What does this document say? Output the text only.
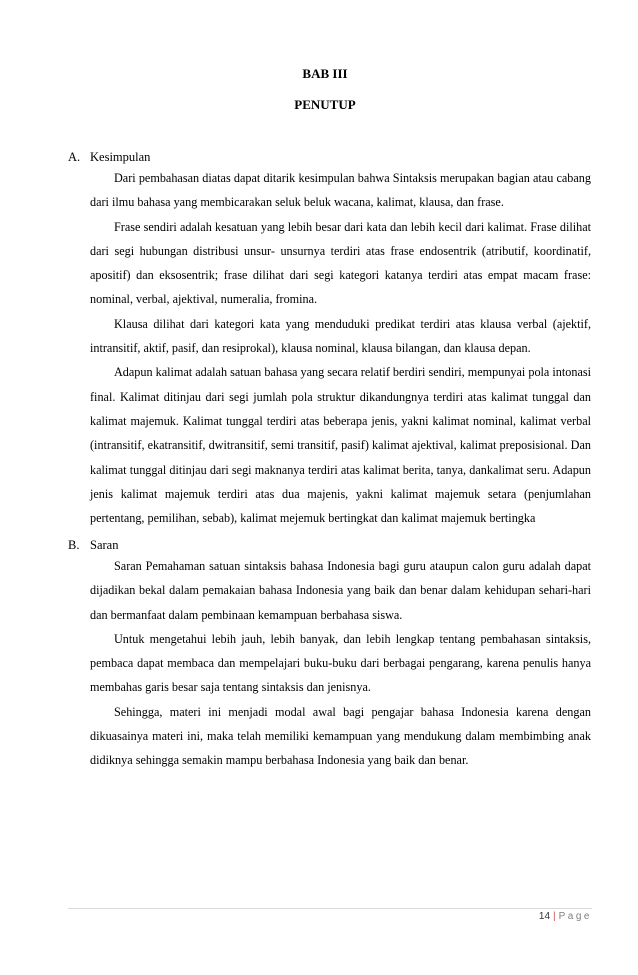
BAB III
PENUTUP
A. Kesimpulan

Dari pembahasan diatas dapat ditarik kesimpulan bahwa Sintaksis merupakan bagian atau cabang dari ilmu bahasa yang membicarakan seluk beluk wacana, kalimat, klausa, dan frase.

Frase sendiri adalah kesatuan yang lebih besar dari kata dan lebih kecil dari kalimat. Frase dilihat dari segi hubungan distribusi unsur- unsurnya terdiri atas frase endosentrik (atributif, koordinatif, apositif) dan eksosentrik; frase dilihat dari segi kategori katanya terdiri atas empat macam frase: nominal, verbal, ajektival, numeralia, fromina.

Klausa dilihat dari kategori kata yang menduduki predikat terdiri atas klausa verbal (ajektif, intransitif, aktif, pasif, dan resiprokal), klausa nominal, klausa bilangan, dan klausa depan.

Adapun kalimat adalah satuan bahasa yang secara relatif berdiri sendiri, mempunyai pola intonasi final. Kalimat ditinjau dari segi jumlah pola struktur dikandungnya terdiri atas kalimat tunggal dan kalimat majemuk. Kalimat tunggal terdiri atas beberapa jenis, yakni kalimat nominal, kalimat verbal (intransitif, ekatransitif, dwitransitif, semi transitif, pasif) kalimat ajektival, kalimat preposisional. Dan kalimat tunggal ditinjau dari segi maknanya terdiri atas kalimat berita, tanya, dankalimat seru. Adapun jenis kalimat majemuk terdiri atas dua majenis, yakni kalimat majemuk setara (penjumlahan pertentang, pemilihan, sebab), kalimat mejemuk bertingkat dan kalimat majemuk bertingka

B. Saran

Saran Pemahaman satuan sintaksis bahasa Indonesia bagi guru ataupun calon guru adalah dapat dijadikan bekal dalam pemakaian bahasa Indonesia yang baik dan benar dalam kehidupan sehari-hari dan bermanfaat dalam pembinaan kemampuan berbahasa siswa.

Untuk mengetahui lebih jauh, lebih banyak, dan lebih lengkap tentang pembahasan sintaksis, pembaca dapat membaca dan mempelajari buku-buku dari berbagai pengarang, karena penulis hanya membahas garis besar saja tentang sintaksis dan jenisnya.

Sehingga, materi ini menjadi modal awal bagi pengajar bahasa Indonesia karena dengan dikuasainya materi ini, maka telah memiliki kemampuan yang mendukung dalam membimbing anak didiknya sehingga semakin mampu berbahasa Indonesia yang baik dan benar.

14 | Page
